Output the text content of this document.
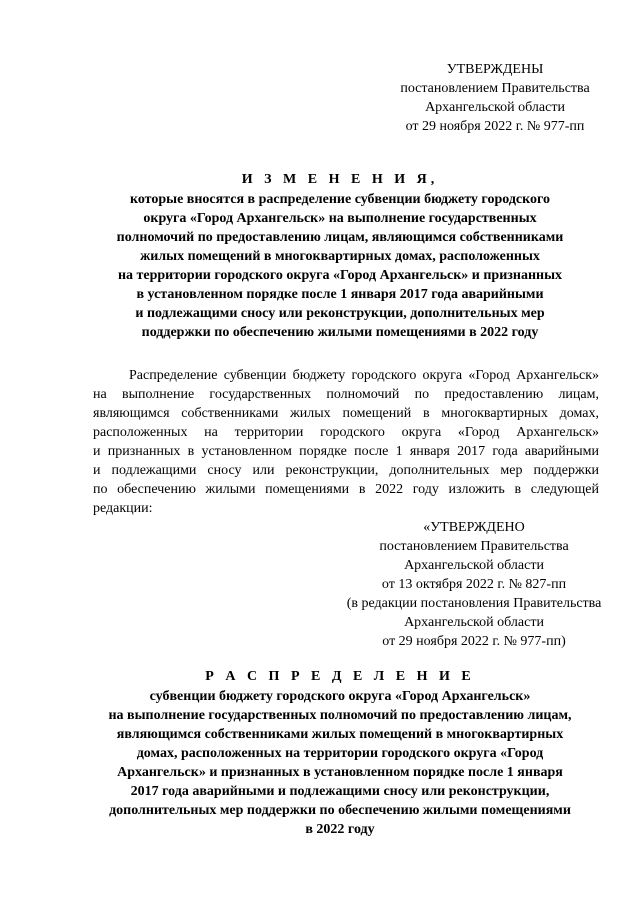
УТВЕРЖДЕНЫ
постановлением Правительства
Архангельской области
от 29 ноября 2022 г. № 977-пп
И З М Е Н Е Н И Я,
которые вносятся в распределение субвенции бюджету городского
округа «Город Архангельск» на выполнение государственных
полномочий по предоставлению лицам, являющимся собственниками
жилых помещений в многоквартирных домах, расположенных
на территории городского округа «Город Архангельск» и признанных
в установленном порядке после 1 января 2017 года аварийными
и подлежащими сносу или реконструкции, дополнительных мер
поддержки по обеспечению жилыми помещениями в 2022 году
Распределение субвенции бюджету городского округа «Город Архангельск»
на выполнение государственных полномочий по предоставлению лицам,
являющимся собственниками жилых помещений в многоквартирных домах,
расположенных на территории городского округа «Город Архангельск»
и признанных в установленном порядке после 1 января 2017 года аварийными
и подлежащими сносу или реконструкции, дополнительных мер поддержки
по обеспечению жилыми помещениями в 2022 году изложить в следующей
редакции:
«УТВЕРЖДЕНО
постановлением Правительства
Архангельской области
от 13 октября 2022 г. № 827-пп
(в редакции постановления Правительства
Архангельской области
от 29 ноября 2022 г. № 977-пп)
Р А С П Р Е Д Е Л Е Н И Е
субвенции бюджету городского округа «Город Архангельск»
на выполнение государственных полномочий по предоставлению лицам,
являющимся собственниками жилых помещений в многоквартирных
домах, расположенных на территории городского округа «Город
Архангельск» и признанных в установленном порядке после 1 января
2017 года аварийными и подлежащими сносу или реконструкции,
дополнительных мер поддержки по обеспечению жилыми помещениями
в 2022 году
